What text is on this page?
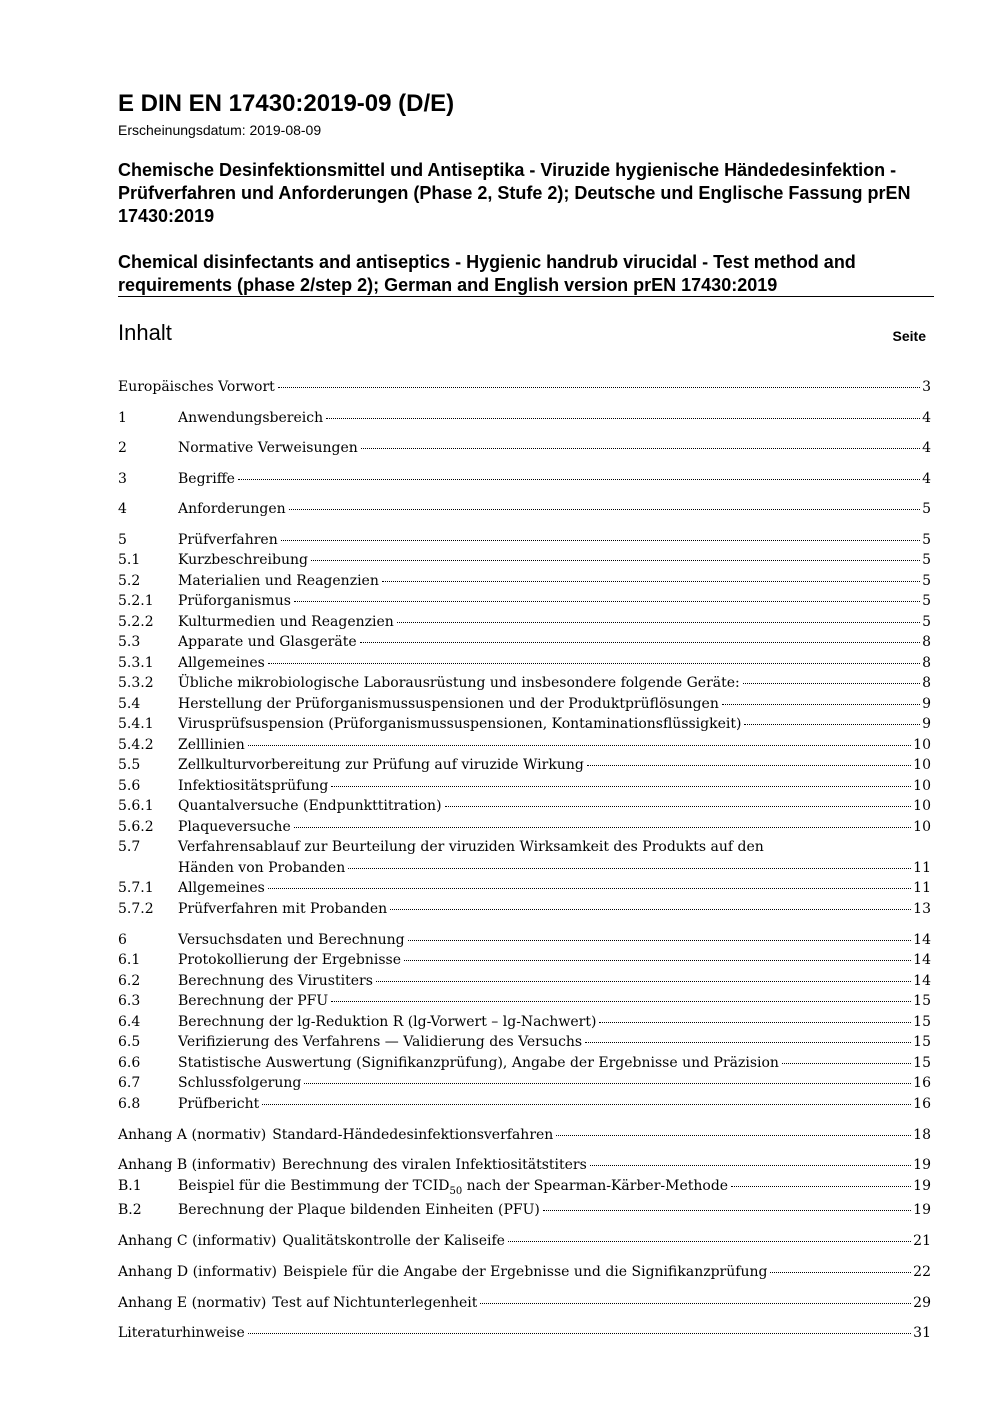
E DIN EN 17430:2019-09 (D/E)
Erscheinungsdatum: 2019-08-09
Chemische Desinfektionsmittel und Antiseptika - Viruzide hygienische Händedesinfektion - Prüfverfahren und Anforderungen (Phase 2, Stufe 2); Deutsche und Englische Fassung prEN 17430:2019
Chemical disinfectants and antiseptics - Hygienic handrub virucidal - Test method and requirements (phase 2/step 2); German and English version prEN 17430:2019
Inhalt	Seite
Europäisches Vorwort	3
1	Anwendungsbereich	4
2	Normative Verweisungen	4
3	Begriffe	4
4	Anforderungen	5
5	Prüfverfahren	5
5.1	Kurzbeschreibung	5
5.2	Materialien und Reagenzien	5
5.2.1	Prüforganismus	5
5.2.2	Kulturmedien und Reagenzien	5
5.3	Apparate und Glasgeräte	8
5.3.1	Allgemeines	8
5.3.2	Übliche mikrobiologische Laborausrüstung und insbesondere folgende Geräte:	8
5.4	Herstellung der Prüforganismussuspensionen und der Produktprüflösungen	9
5.4.1	Virusprüfsuspension (Prüforganismussuspensionen, Kontaminationsflüssigkeit)	9
5.4.2	Zelllinien	10
5.5	Zellkulturvorbereitung zur Prüfung auf viruzide Wirkung	10
5.6	Infektiositätsprüfung	10
5.6.1	Quantalversuche (Endpunkttitration)	10
5.6.2	Plaqueversuche	10
5.7	Verfahrensablauf zur Beurteilung der viruziden Wirksamkeit des Produkts auf den
Händen von Probanden	11
5.7.1	Allgemeines	11
5.7.2	Prüfverfahren mit Probanden	13
6	Versuchsdaten und Berechnung	14
6.1	Protokollierung der Ergebnisse	14
6.2	Berechnung des Virustiters	14
6.3	Berechnung der PFU	15
6.4	Berechnung der lg-Reduktion R (lg-Vorwert – lg-Nachwert)	15
6.5	Verifizierung des Verfahrens — Validierung des Versuchs	15
6.6	Statistische Auswertung (Signifikanzprüfung), Angabe der Ergebnisse und Präzision	15
6.7	Schlussfolgerung	16
6.8	Prüfbericht	16
Anhang A (normativ) Standard-Händedesinfektionsverfahren	18
Anhang B (informativ) Berechnung des viralen Infektiositätstiters	19
B.1	Beispiel für die Bestimmung der $TCID_{50}$ nach der Spearman-Kärber-Methode	19
B.2	Berechnung der Plaque bildenden Einheiten (PFU)	19
Anhang C (informativ) Qualitätskontrolle der Kaliseife	21
Anhang D (informativ) Beispiele für die Angabe der Ergebnisse und die Signifikanzprüfung	22
Anhang E (normativ) Test auf Nichtunterlegenheit	29
Literaturhinweise	31
